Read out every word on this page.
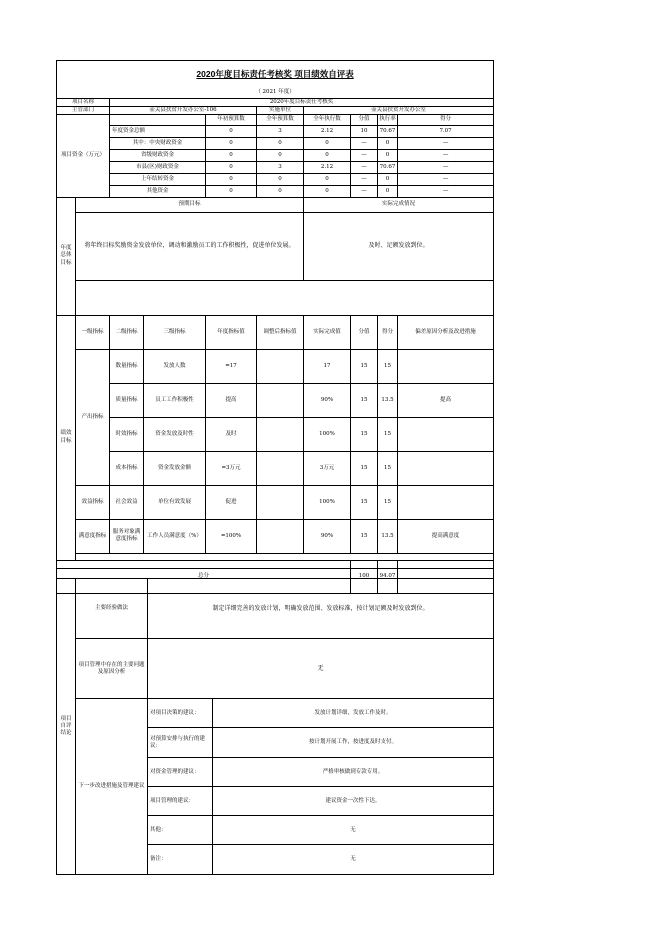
2020年度目标责任考核奖 项目绩效自评表									
（ 2021 年度）									
项目名称		2020年度目标责任考核奖							
主管部门		壶关县扶贫开发办公室-106			实施单位	壶关县扶贫开发办公室			
项目资金（万元）				年初预算数	全年预算数	全年执行数	分值	执行率	得分
		年度资金总额		0	3	2.12	10	70.67	7.07
		其中：中央财政资金		0	0	0	—	0	—
		省级财政资金		0	0	0	—	0	—
		市县(区)财政资金		0	3	2.12	—	70.67	—
		上年结转资金		0	0	0	—	0	—
		其他资金		0	0	0	—	0	—
年度总体目标	预期目标					实际完成情况			
	将年终目标奖励资金发放单位，调动和激励员工的工作积极性，促进单位发展。					及时、足额发放到位。			

绩效目标	一级指标	二级指标	三级指标	年度指标值	调整后指标值	实际完成值	分值	得分	偏差原因分析及改进措施
	产出指标	数量指标	发放人数	=17		17	15	15	
		质量指标	员工工作积极性	提高		90%	15	13.5	提高
		时效指标	资金发放及时性	及时		100%	15	15	
		成本指标	资金发放金额	=3万元		3万元	15	15	
	效益指标	社会效益	单位有效发展	促进		100%	15	15	
	满意度指标	服务对象满意度指标	工作人员满意度（%）	=100%		90%	15	13.5	提高满意度

总分							100	94.07	
项目自评结论	主要经验做法	制定详细完善的发放计划，明确发放范围、发放标准，按计划足额及时发放到位。	
	项目管理中存在的主要问题及原因分析	无	
	下一步改进措施及管理建议	对项目决策的建议：	发放计划详细，发放工作及时。
		对预算安排与执行的建议：	按计划开展工作，按进度及时支付。
		对资金管理的建议：	严格审核做到专款专用。
		项目管理的建议：	建议资金一次性下达。
		其他：	无
		备注：	无
